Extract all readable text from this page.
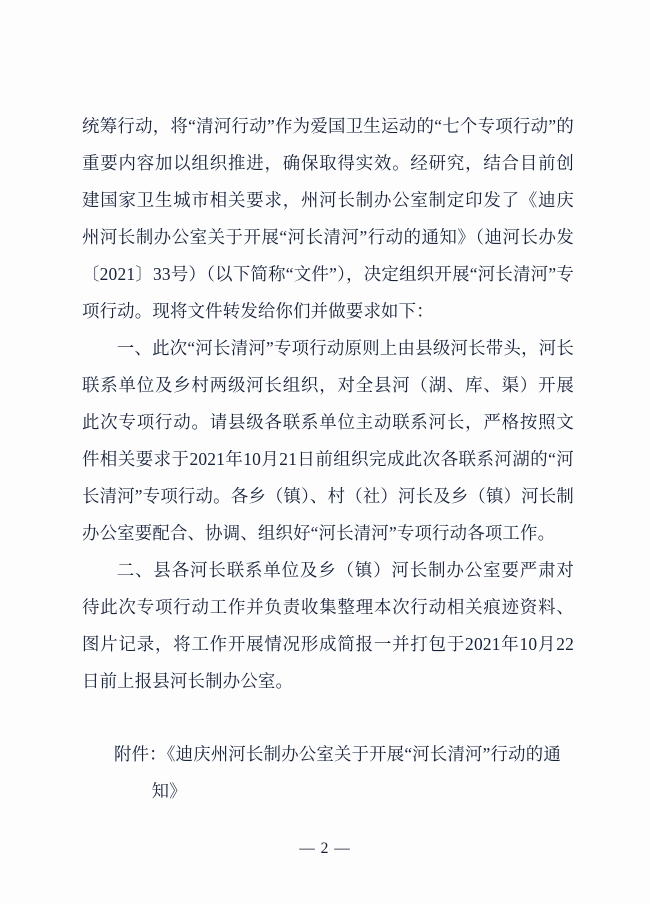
统筹行动，将“清河行动”作为爱国卫生运动的“七个专项行动”的重要内容加以组织推进，确保取得实效。经研究，结合目前创建国家卫生城市相关要求，州河长制办公室制定印发了《迪庆州河长制办公室关于开展“河长清河”行动的通知》（迪河长办发〔2021〕33号）（以下简称“文件”），决定组织开展“河长清河”专项行动。现将文件转发给你们并做要求如下：

一、此次“河长清河”专项行动原则上由县级河长带头，河长联系单位及乡村两级河长组织，对全县河（湖、库、渠）开展此次专项行动。请县级各联系单位主动联系河长，严格按照文件相关要求于2021年10月21日前组织完成此次各联系河湖的“河长清河”专项行动。各乡（镇）、村（社）河长及乡（镇）河长制办公室要配合、协调、组织好“河长清河”专项行动各项工作。

二、县各河长联系单位及乡（镇）河长制办公室要严肃对待此次专项行动工作并负责收集整理本次行动相关痕迹资料、图片记录，将工作开展情况形成简报一并打包于2021年10月22日前上报县河长制办公室。

附件：《迪庆州河长制办公室关于开展“河长清河”行动的通
知》
— 2 —
